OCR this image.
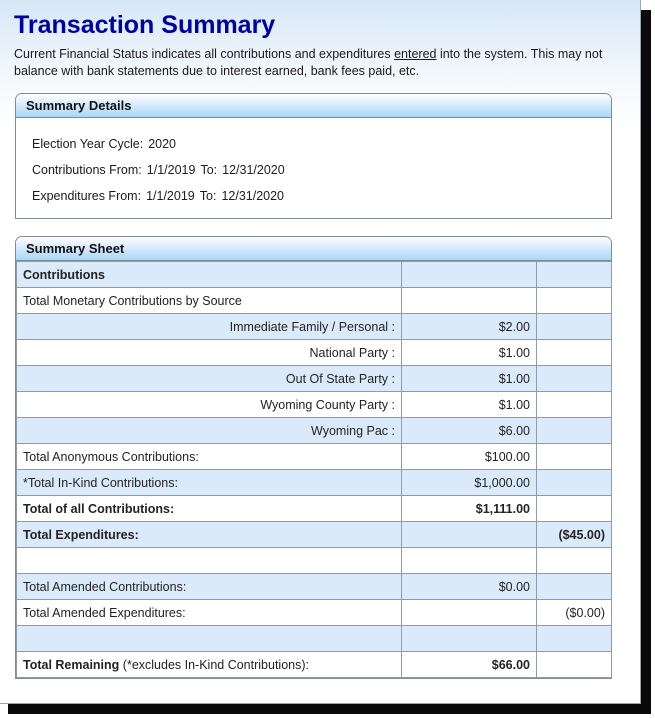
Transaction Summary

Current Financial Status indicates all contributions and expenditures entered into the system. This may not balance with bank statements due to interest earned, bank fees paid, etc.

Summary Details
Election Year Cycle: 2020
Contributions From: 1/1/2019 To: 12/31/2020
Expenditures From: 1/1/2019 To: 12/31/2020
Summary Sheet
Contributions		
Total Monetary Contributions by Source		
Immediate Family / Personal :	$2.00	
National Party :	$1.00	
Out Of State Party :	$1.00	
Wyoming County Party :	$1.00	
Wyoming Pac :	$6.00	
Total Anonymous Contributions:	$100.00	
*Total In-Kind Contributions:	$1,000.00	
Total of all Contributions:	$1,111.00	
Total Expenditures:		($45.00)

Total Amended Contributions:	$0.00	
Total Amended Expenditures:		($0.00)

Total Remaining (*excludes In-Kind Contributions):	$66.00	
